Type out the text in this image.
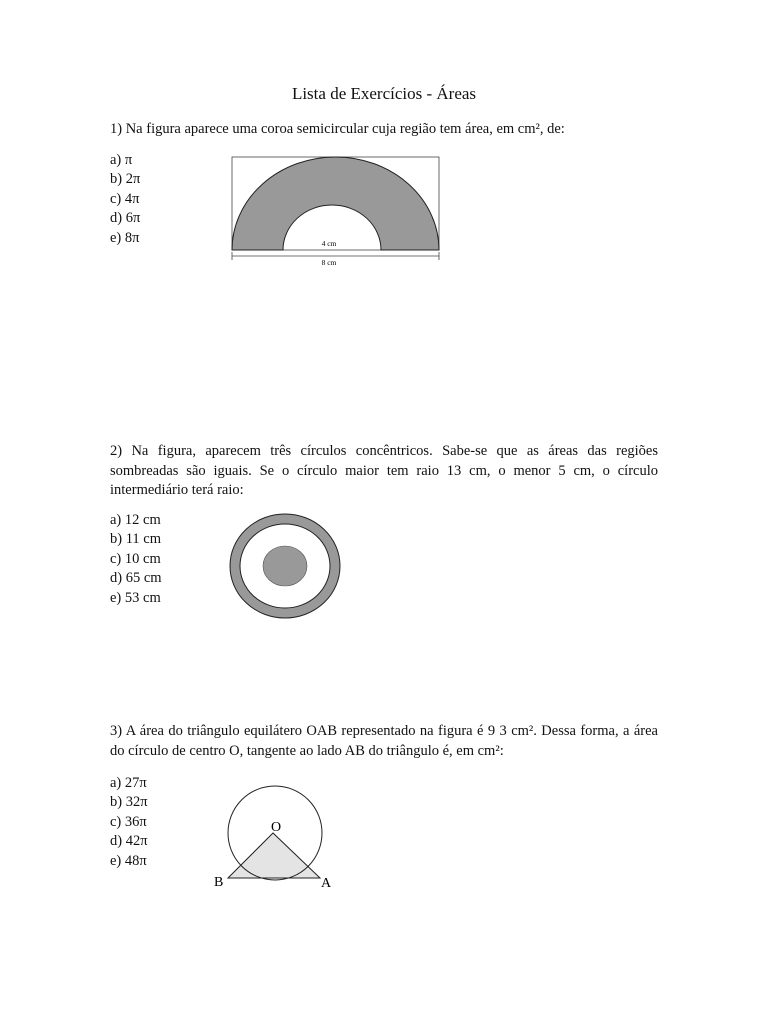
Lista de Exercícios - Áreas
1) Na figura aparece uma coroa semicircular cuja região tem área, em cm², de:
a) π
b) 2π
c) 4π
d) 6π
e) 8π	4 cm
8 cm
2) Na figura, aparecem três círculos concêntricos. Sabe-se que as áreas das regiões sombreadas são iguais. Se o círculo maior tem raio 13 cm, o menor 5 cm, o círculo intermediário terá raio:
a) 12 cm
b) 11 cm
c) 10 cm
d) 65 cm
e) 53 cm
3) A área do triângulo equilátero OAB representado na figura é 9 3 cm². Dessa forma, a área do círculo de centro O, tangente ao lado AB do triângulo é, em cm²:
a) 27π
b) 32π
c) 36π
d) 42π
e) 48π
O
B	A
